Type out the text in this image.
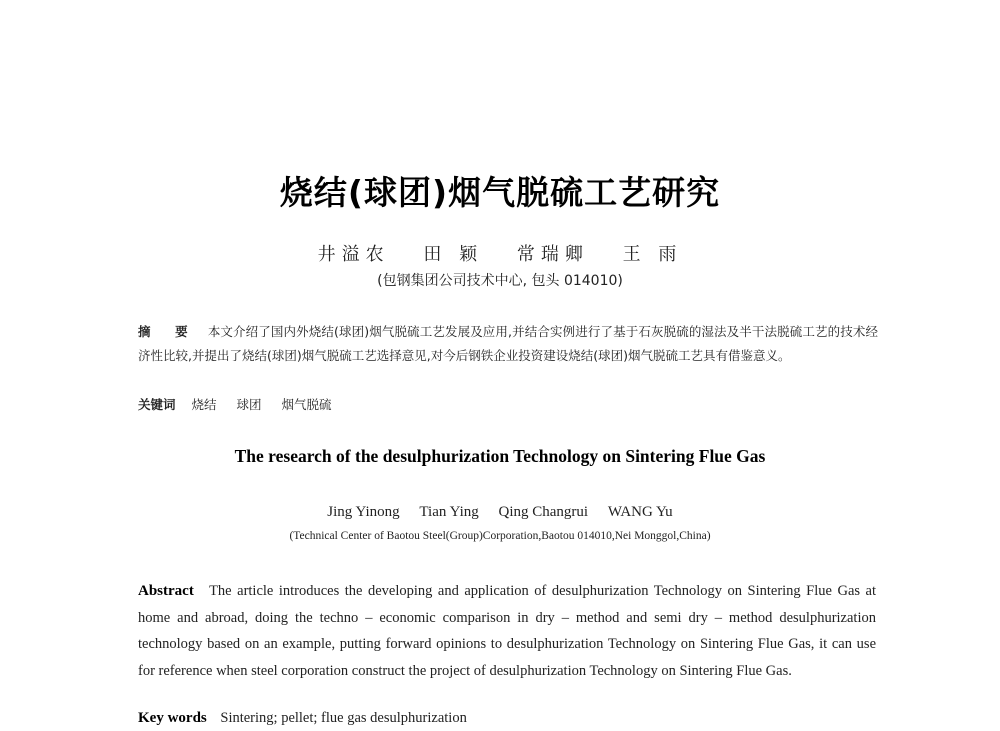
烧结(球团)烟气脱硫工艺研究
井溢农 田 颖 常瑞卿 王 雨
(包钢集团公司技术中心, 包头 014010)
摘 要 本文介绍了国内外烧结(球团)烟气脱硫工艺发展及应用,并结合实例进行了基于石灰脱硫的湿法及半干法脱硫工艺的技术经济性比较,并提出了烧结(球团)烟气脱硫工艺选择意见,对今后钢铁企业投资建设烧结(球团)烟气脱硫工艺具有借鉴意义。
关键词 烧结 球团 烟气脱硫
The research of the desulphurization Technology on Sintering Flue Gas
Jing Yinong Tian Ying Qing Changrui WANG Yu
(Technical Center of Baotou Steel(Group)Corporation,Baotou 014010,Nei Monggol,China)
Abstract The article introduces the developing and application of desulphurization Technology on Sintering Flue Gas at home and abroad, doing the techno – economic comparison in dry – method and semi dry – method desulphurization technology based on an example, putting forward opinions to desulphurization Technology on Sintering Flue Gas, it can use for reference when steel corporation construct the project of desulphurization Technology on Sintering Flue Gas.
Key words Sintering; pellet; flue gas desulphurization
